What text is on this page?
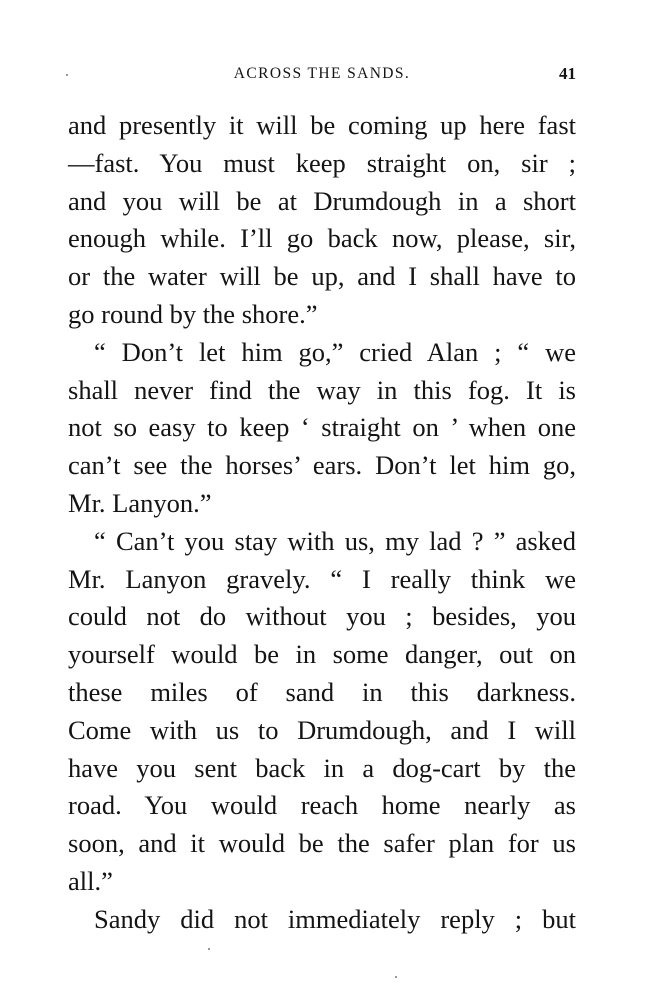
ACROSS THE SANDS.	41
and presently it will be coming up here fast
—fast. You must keep straight on, sir ;
and you will be at Drumdough in a short
enough while. I’ll go back now, please, sir,
or the water will be up, and I shall have to
go round by the shore.”
“ Don’t let him go,” cried Alan ; “ we
shall never find the way in this fog. It is
not so easy to keep ‘ straight on ’ when one
can’t see the horses’ ears. Don’t let him go,
Mr. Lanyon.”
“ Can’t you stay with us, my lad ? ” asked
Mr. Lanyon gravely. “ I really think we
could not do without you ; besides, you
yourself would be in some danger, out on
these miles of sand in this darkness.
Come with us to Drumdough, and I will
have you sent back in a dog-cart by the
road. You would reach home nearly as
soon, and it would be the safer plan for us
all.”
Sandy did not immediately reply ; but
